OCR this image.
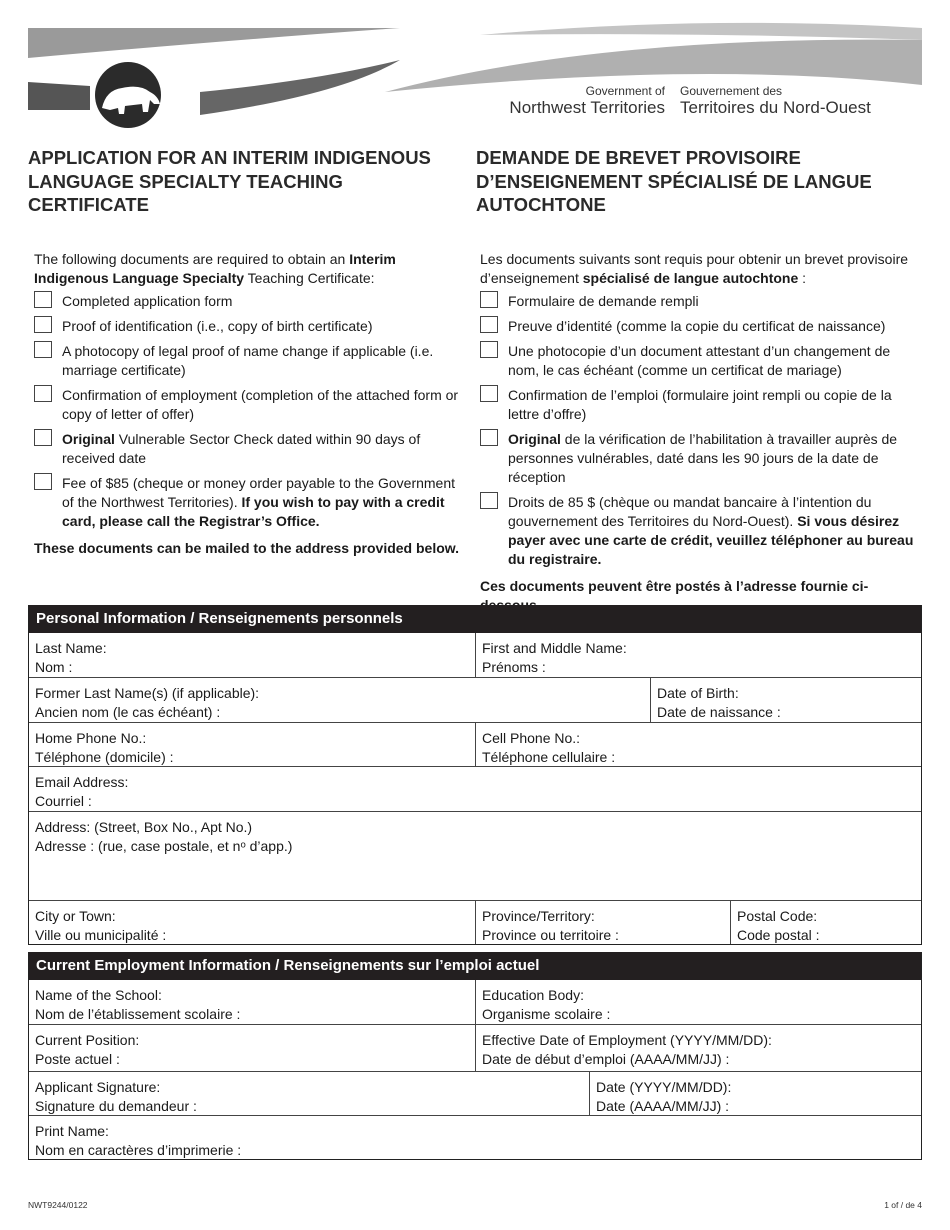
Government of
Northwest Territories
Gouvernement des
Territoires du Nord-Ouest
APPLICATION FOR AN INTERIM INDIGENOUS LANGUAGE SPECIALTY TEACHING CERTIFICATE
DEMANDE DE BREVET PROVISOIRE D’ENSEIGNEMENT SPÉCIALISÉ DE LANGUE AUTOCHTONE

The following documents are required to obtain an Interim Indigenous Language Specialty Teaching Certificate:

Completed application form
Proof of identification (i.e., copy of birth certificate)
A photocopy of legal proof of name change if applicable (i.e. marriage certificate)
Confirmation of employment (completion of the attached form or copy of letter of offer)
Original Vulnerable Sector Check dated within 90 days of received date
Fee of $85 (cheque or money order payable to the Government of the Northwest Territories). If you wish to pay with a credit card, please call the Registrar’s Office.

These documents can be mailed to the address provided below.

Les documents suivants sont requis pour obtenir un brevet provisoire d’enseignement spécialisé de langue autochtone :

Formulaire de demande rempli
Preuve d’identité (comme la copie du certificat de naissance)
Une photocopie d’un document attestant d’un changement de nom, le cas échéant (comme un certificat de mariage)
Confirmation de l’emploi (formulaire joint rempli ou copie de la lettre d’offre)
Original de la vérification de l’habilitation à travailler auprès de personnes vulnérables, daté dans les 90 jours de la date de réception
Droits de 85 $ (chèque ou mandat bancaire à l’intention du gouvernement des Territoires du Nord-Ouest). Si vous désirez payer avec une carte de crédit, veuillez téléphoner au bureau du registraire.

Ces documents peuvent être postés à l’adresse fournie ci-

Personal Information / Renseignements personnels
Last Name:
Nom :
First and Middle Name:
Prénoms :
Former Last Name(s) (if applicable):
Ancien nom (le cas échéant) :
Date of Birth:
Date de naissance :
Home Phone No.:
Téléphone (domicile) :
Cell Phone No.:
Téléphone cellulaire :
Email Address:
Courriel :
Address: (Street, Box No., Apt No.)
Adresse : (rue, case postale, et nᵒ d’app.)
City or Town:
Ville ou municipalité :
Province/Territory:
Province ou territoire :
Postal Code:
Code postal :
Current Employment Information / Renseignements sur l’emploi actuel
Name of the School:
Nom de l’établissement scolaire :
Education Body:
Organisme scolaire :
Current Position:
Poste actuel :
Effective Date of Employment (YYYY/MM/DD):
Date de début d’emploi (AAAA/MM/JJ) :
Applicant Signature:
Signature du demandeur :
Date (YYYY/MM/DD):
Date (AAAA/MM/JJ) :
Print Name:
Nom en caractères d’imprimerie :
NWT9244/0122	1 of / de 4
